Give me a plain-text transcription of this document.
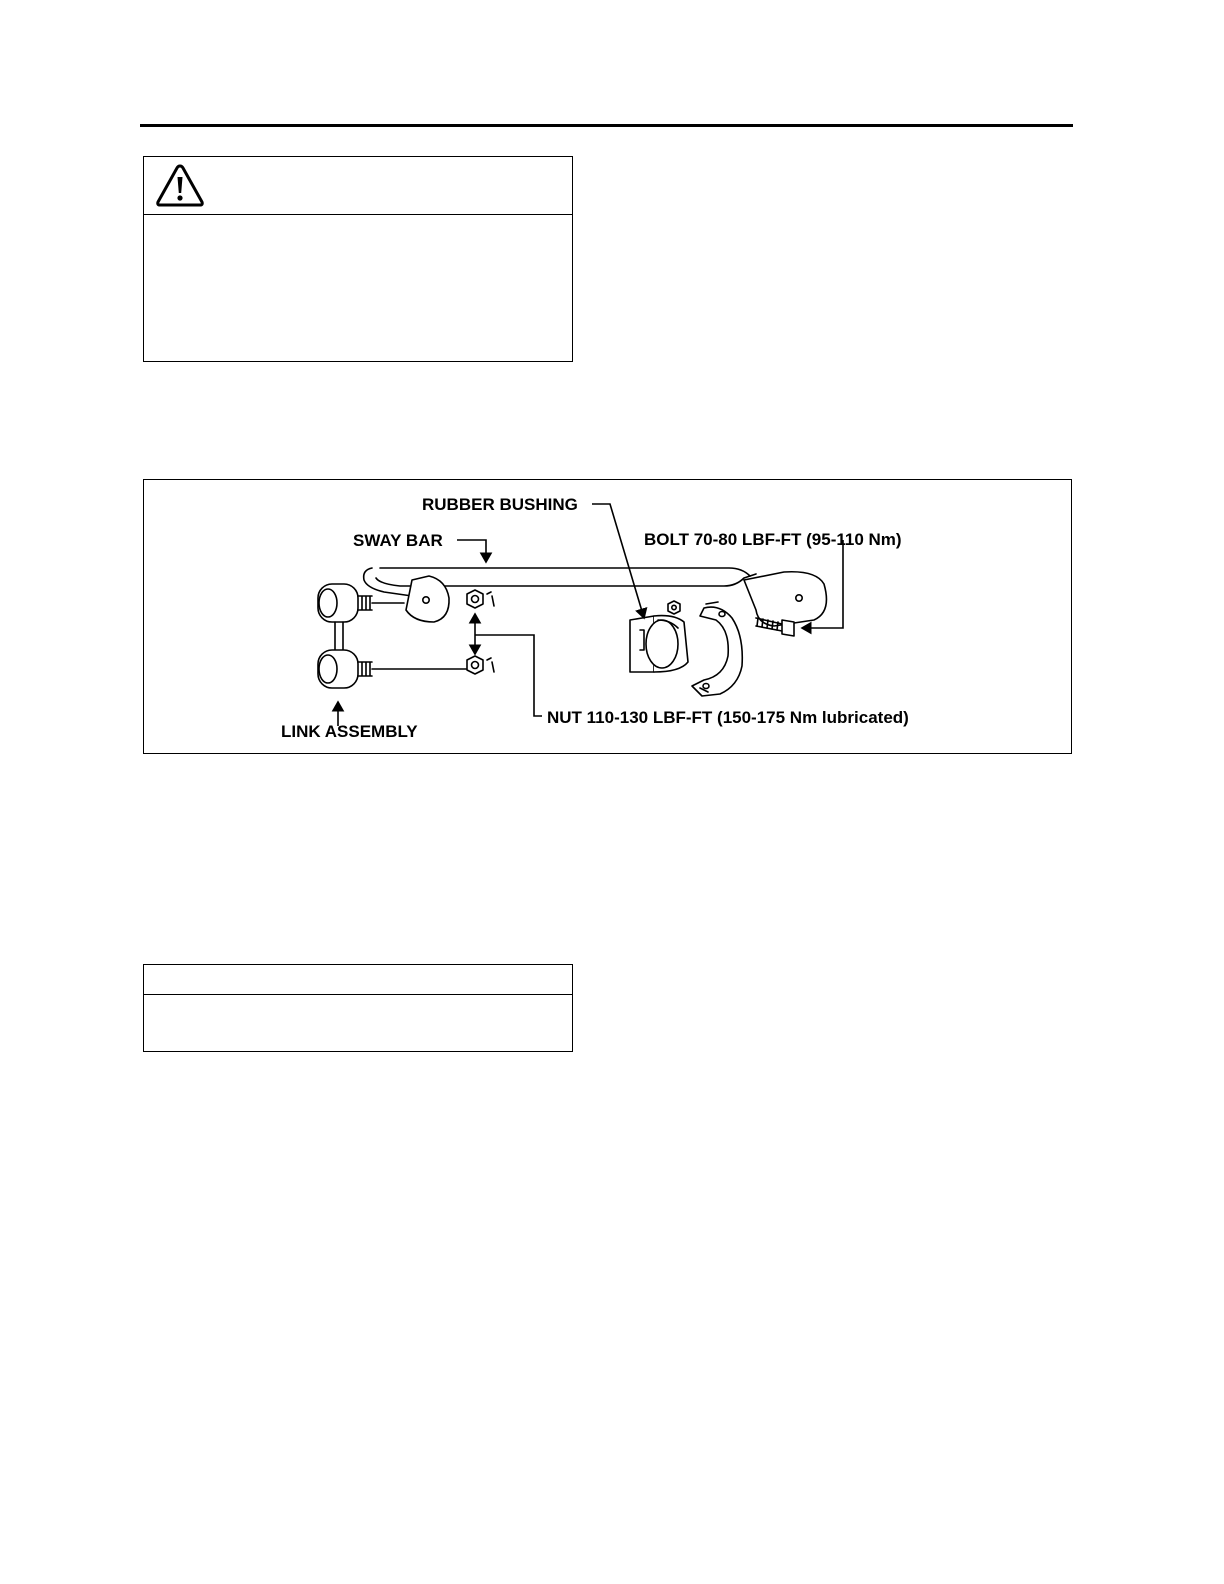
RUBBER BUSHING
SWAY BAR	BOLT 70-80 LBF-FT (95-110 Nm)
NUT 110-130 LBF-FT (150-175 Nm lubricated)
LINK ASSEMBLY
